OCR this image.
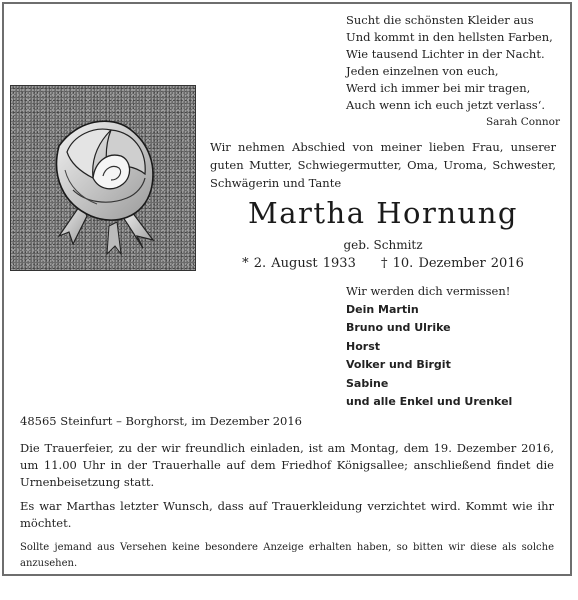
Sucht die schönsten Kleider aus
Und kommt in den hellsten Farben,
Wie tausend Lichter in der Nacht.
Jeden einzelnen von euch,
Werd ich immer bei mir tragen,
Auch wenn ich euch jetzt verlass‘.
Sarah Connor
Wir nehmen Abschied von meiner lieben Frau, unserer guten Mutter, Schwiegermutter, Oma, Uroma, Schwester, Schwägerin und Tante
Martha Hornung
geb. Schmitz
* 2. August 1933 † 10. Dezember 2016
Wir werden dich vermissen!
Dein Martin
Bruno und Ulrike
Horst
Volker und Birgit
Sabine
und alle Enkel und Urenkel
48565 Steinfurt – Borghorst, im Dezember 2016
Die Trauerfeier, zu der wir freundlich einladen, ist am Montag, dem 19. Dezember 2016, um 11.00 Uhr in der Trauerhalle auf dem Friedhof Königsallee; anschließend findet die Urnenbeisetzung statt.
Es war Marthas letzter Wunsch, dass auf Trauerkleidung verzichtet wird. Kommt wie ihr möchtet.
Sollte jemand aus Versehen keine besondere Anzeige erhalten haben, so bitten wir diese als solche anzusehen.
